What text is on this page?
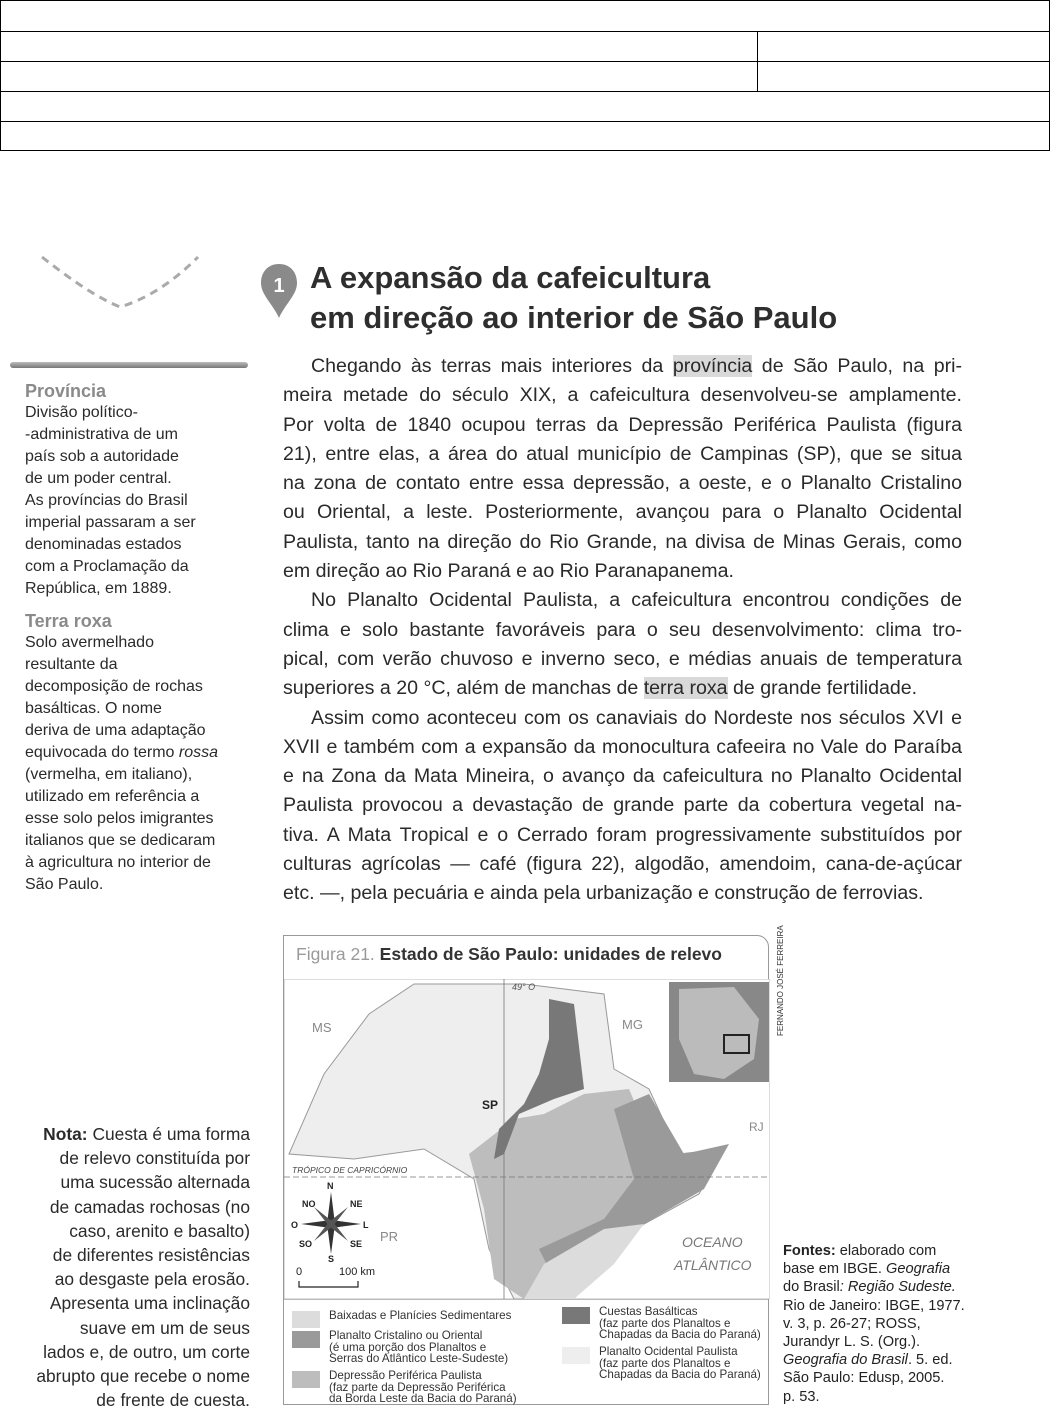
1 A expansão da cafeicultura
em direção ao interior de São Paulo
Chegando às terras mais interiores da província de São Paulo, na pri-
meira metade do século XIX, a cafeicultura desenvolveu-se amplamente.
Por volta de 1840 ocupou terras da Depressão Periférica Paulista (figura
21), entre elas, a área do atual município de Campinas (SP), que se situa
na zona de contato entre essa depressão, a oeste, e o Planalto Cristalino
ou Oriental, a leste. Posteriormente, avançou para o Planalto Ocidental
Paulista, tanto na direção do Rio Grande, na divisa de Minas Gerais, como
em direção ao Rio Paraná e ao Rio Paranapanema.
No Planalto Ocidental Paulista, a cafeicultura encontrou condições de
clima e solo bastante favoráveis para o seu desenvolvimento: clima tro-
pical, com verão chuvoso e inverno seco, e médias anuais de temperatura
superiores a 20 °C, além de manchas de terra roxa de grande fertilidade.
Assim como aconteceu com os canaviais do Nordeste nos séculos XVI e
XVII e também com a expansão da monocultura cafeeira no Vale do Paraíba
e na Zona da Mata Mineira, o avanço da cafeicultura no Planalto Ocidental
Paulista provocou a devastação de grande parte da cobertura vegetal na-
tiva. A Mata Tropical e o Cerrado foram progressivamente substituídos por
culturas agrícolas — café (figura 22), algodão, amendoim, cana-de-açúcar
etc. —, pela pecuária e ainda pela urbanização e construção de ferrovias.
Província
Divisão político-
-administrativa de um
país sob a autoridade
de um poder central.
As províncias do Brasil
imperial passaram a ser
denominadas estados
com a Proclamação da
República, em 1889.
Terra roxa
Solo avermelhado
resultante da
decomposição de rochas
basálticas. O nome
deriva de uma adaptação
equivocada do termo rossa
(vermelha, em italiano),
utilizado em referência a
esse solo pelos imigrantes
italianos que se dedicaram
à agricultura no interior de
São Paulo.
Nota: Cuesta é uma forma
de relevo constituída por
uma sucessão alternada
de camadas rochosas (no
caso, arenito e basalto)
de diferentes resistências
ao desgaste pela erosão.
Apresenta uma inclinação
suave em um de seus
lados e, de outro, um corte
abrupto que recebe o nome
de frente de cuesta.
Figura 21. Estado de São Paulo: unidades de relevo
49° O
TRÓPICO DE CAPRICÓRNIO
MS	MG
SP
RJ
PR	OCEANO
ATLÂNTICO
N
NO	NE
O	L
SO	SE
S
0	100 km
FERNANDO JOSÉ FERREIRA
Baixadas e Planícies Sedimentares
Planalto Cristalino ou Oriental
(é uma porção dos Planaltos e
Serras do Atlântico Leste-Sudeste)
Depressão Periférica Paulista
(faz parte da Depressão Periférica
da Borda Leste da Bacia do Paraná)
Cuestas Basálticas
(faz parte dos Planaltos e
Chapadas da Bacia do Paraná)
Planalto Ocidental Paulista
(faz parte dos Planaltos e
Chapadas da Bacia do Paraná)
Fontes: elaborado com
base em IBGE. Geografia
do Brasil: Região Sudeste.
Rio de Janeiro: IBGE, 1977.
v. 3, p. 26-27; ROSS,
Jurandyr L. S. (Org.).
Geografia do Brasil. 5. ed.
São Paulo: Edusp, 2005.
p. 53.
